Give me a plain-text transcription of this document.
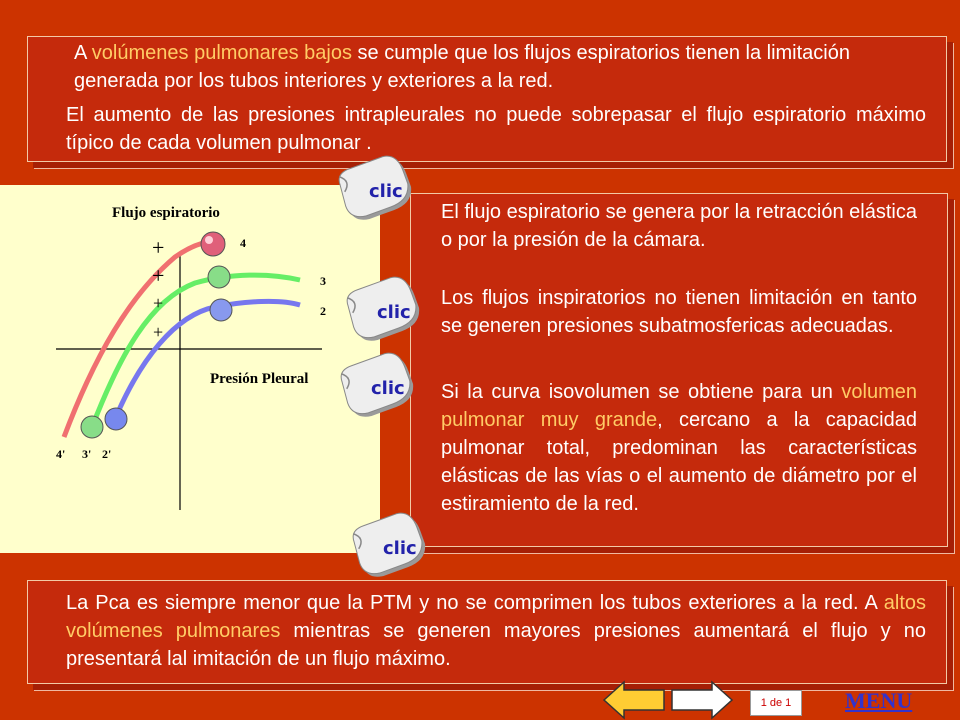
A volúmenes pulmonares bajos se cumple que los flujos espiratorios tienen la limitación generada por los tubos interiores y exteriores a la red.
El aumento de las presiones intrapleurales no puede sobrepasar el flujo espiratorio máximo típico de cada volumen pulmonar .
Flujo espiratorio
Presión Pleural
4
3
2
4' 3' 2'
+
+
+
+
El flujo espiratorio se genera por la retracción elástica o por la presión de la cámara.
Los flujos inspiratorios no tienen limitación en tanto se generen presiones subatmosfericas adecuadas.
Si la curva isovolumen se obtiene para un volumen pulmonar muy grande, cercano a la capacidad pulmonar total, predominan las características elásticas de las vías o el aumento de diámetro por el estiramiento de la red.
La Pca es siempre menor que la PTM y no se comprimen los tubos exteriores a la red. A altos volúmenes pulmonares mientras se generen mayores presiones aumentará el flujo y no presentará lal imitación de un flujo máximo.
clic
clic
clic
clic
1 de 1	MENU
